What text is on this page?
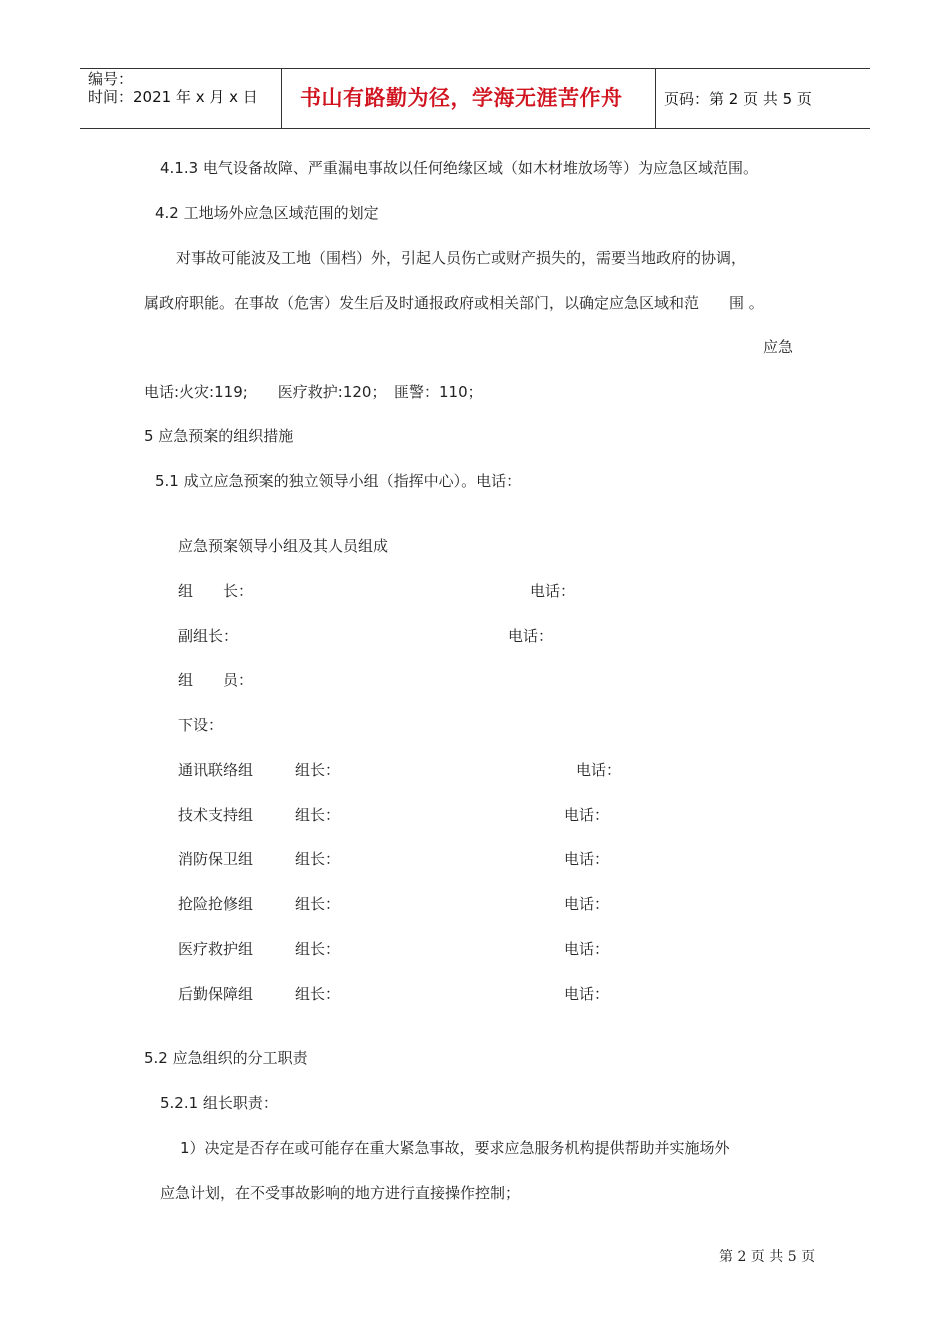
编号：
时间：2021 年 x 月 x 日 书山有路勤为径，学海无涯苦作舟	页码：第 2 页 共 5 页
4.1.3 电气设备故障、严重漏电事故以任何绝缘区域（如木材堆放场等）为应急区域范围。
4.2 工地场外应急区域范围的划定
对事故可能波及工地（围档）外，引起人员伤亡或财产损失的，需要当地政府的协调，
属政府职能。在事故（危害）发生后及时通报政府或相关部门，以确定应急区域和范　　围 。
应急
电话:火灾:119;　　医疗救护:120；　匪警：110；
5 应急预案的组织措施
5.1 成立应急预案的独立领导小组（指挥中心）。电话：
应急预案领导小组及其人员组成
组　　长：	电话：
副组长：	电话：
组　　员：
下设：
通讯联络组	组长：	电话：
技术支持组	组长：	电话：
消防保卫组	组长：	电话：
抢险抢修组	组长：	电话：
医疗救护组	组长：	电话：
后勤保障组	组长：	电话：
5.2 应急组织的分工职责
5.2.1 组长职责：
1）决定是否存在或可能存在重大紧急事故，要求应急服务机构提供帮助并实施场外
应急计划，在不受事故影响的地方进行直接操作控制；
第 2 页 共 5 页
